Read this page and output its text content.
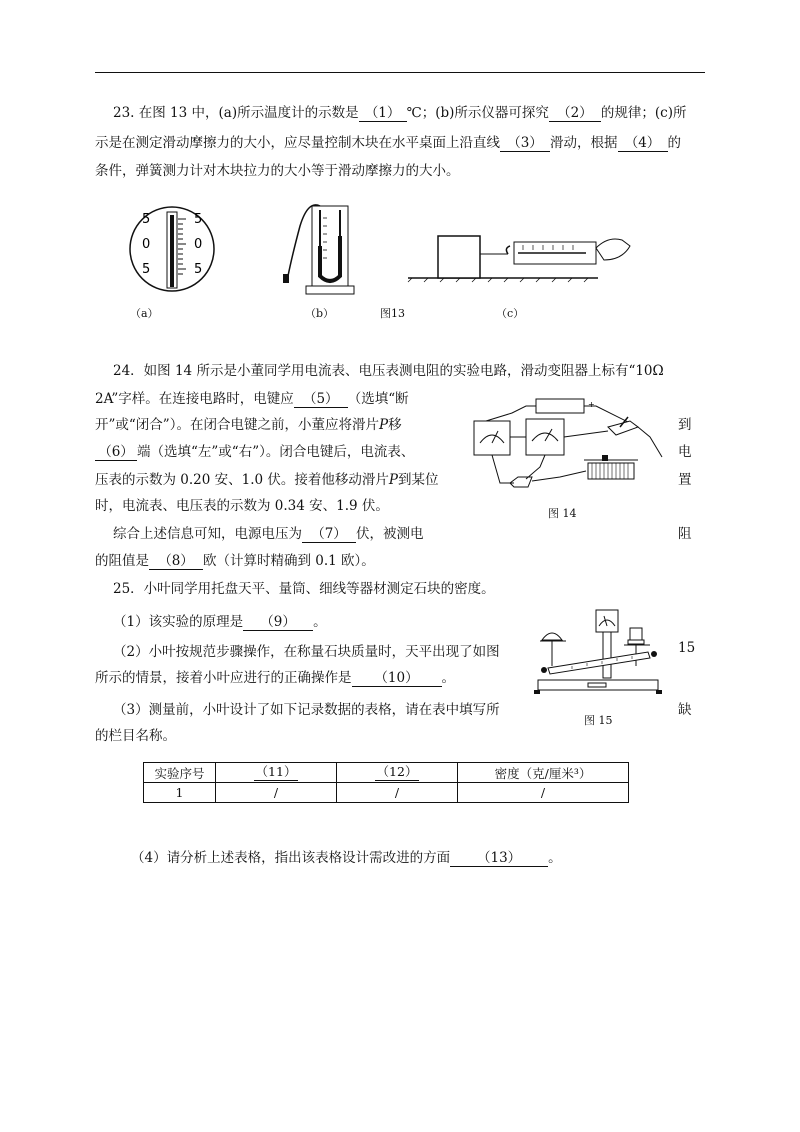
23. 在图 13 中，(a)所示温度计的示数是 （1） ℃；(b)所示仪器可探究 （2） 的规律；(c)所
示是在测定滑动摩擦力的大小，应尽量控制木块在水平桌面上沿直线 （3） 滑动，根据 （4） 的
条件，弹簧测力计对木块拉力的大小等于滑动摩擦力的大小。
5
0
5
5
0
5
图13
（a）	（b）	（c）
24．如图 14 所示是小董同学用电流表、电压表测电阻的实验电路，滑动变阻器上标有“10Ω
2A”字样。在连接电路时，电键应 （5） （选填“断
开”或“闭合”）。在闭合电键之前，小董应将滑片P移	到
（6） 端（选填“左”或“右”）。闭合电键后，电流表、	电
压表的示数为 0.20 安、1.0 伏。接着他移动滑片P到某位	置
时，电流表、电压表的示数为 0.34 安、1.9 伏。
+
图 14
综合上述信息可知，电源电压为 （7） 伏，被测电	阻
的阻值是 （8） 欧（计算时精确到 0.1 欧）。
25．小叶同学用托盘天平、量筒、细线等器材测定石块的密度。
（1）该实验的原理是 （9） 。
（2）小叶按规范步骤操作，在称量石块质量时，天平出现了如图	15
所示的情景，接着小叶应进行的正确操作是 （10） 。
（3）测量前，小叶设计了如下记录数据的表格，请在表中填写所	缺
的栏目名称。
图 15
实验序号	（11）	（12）	密度（克/厘米³）
1	/	/	/
（4）请分析上述表格，指出该表格设计需改进的方面 （13） 。
